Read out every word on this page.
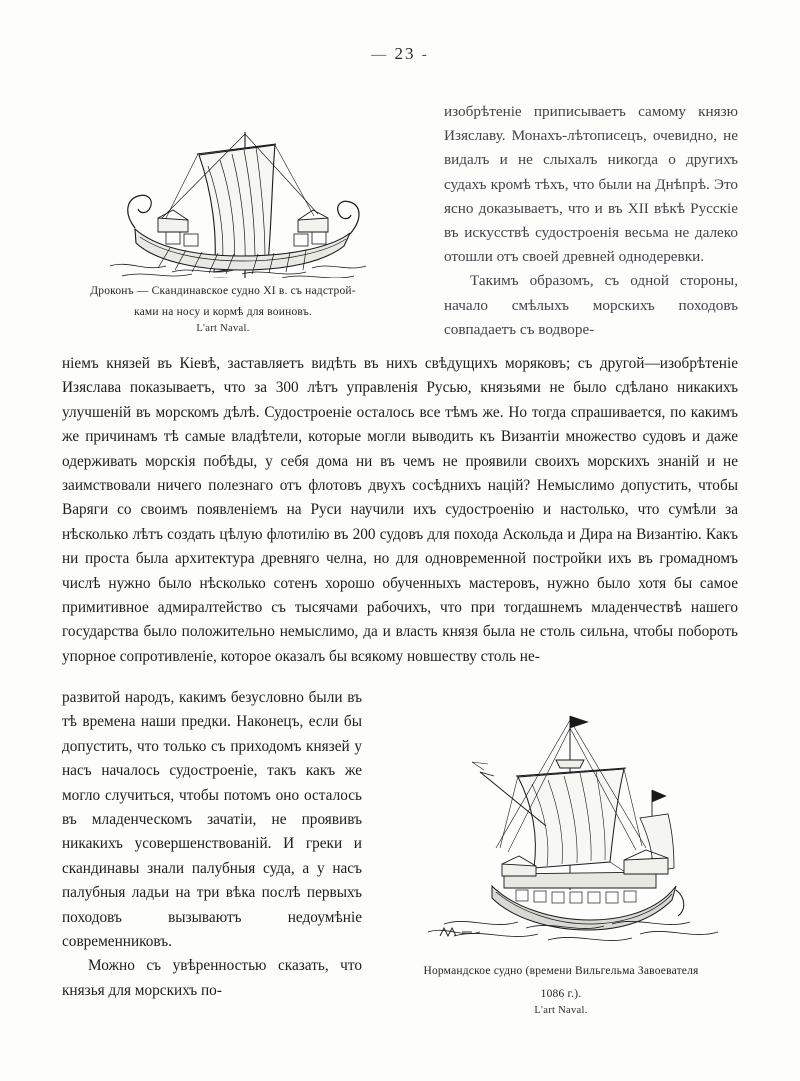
— 23 -
Дроконъ — Скандинавское судно XI в. съ надстрой-
ками на носу и кормѣ для воиновъ.
L'art Naval.

изобрѣтеніе приписываетъ самому князю Изяславу. Монахъ-лѣтописецъ, очевидно, не видалъ и не слыхалъ никогда о другихъ судахъ кромѣ тѣхъ, что были на Днѣпрѣ. Это ясно доказываетъ, что и въ XII вѣкѣ Русскіе въ искусствѣ судостроенія весьма не далеко отошли отъ своей древней однодеревки.

Такимъ образомъ, съ одной стороны, начало смѣлыхъ морскихъ походовъ совпадаетъ съ водворе-

ніемъ князей въ Кіевѣ, заставляетъ видѣть въ нихъ свѣдущихъ моряковъ; съ другой—изобрѣтеніе Изяслава показываетъ, что за 300 лѣтъ управленія Русью, князьями не было сдѣлано никакихъ улучшеній въ морскомъ дѣлѣ. Судостроеніе осталось все тѣмъ же. Но тогда спрашивается, по какимъ же причинамъ тѣ самые владѣтели, которые могли выводить къ Византіи множество судовъ и даже одерживать морскія побѣды, у себя дома ни въ чемъ не проявили своихъ морскихъ знаній и не заимствовали ничего полезнаго отъ флотовъ двухъ сосѣднихъ націй? Немыслимо допустить, чтобы Варяги со своимъ появленіемъ на Руси научили ихъ судостроенію и настолько, что сумѣли за нѣсколько лѣтъ создать цѣлую флотилію въ 200 судовъ для похода Аскольда и Дира на Византію. Какъ ни проста была архитектура древняго челна, но для одновременной постройки ихъ въ громадномъ числѣ нужно было нѣсколько сотенъ хорошо обученныхъ мастеровъ, нужно было хотя бы самое примитивное адмиралтейство съ тысячами рабочихъ, что при тогдашнемъ младенчествѣ нашего государства было положительно немыслимо, да и власть князя была не столь сильна, чтобы побороть упорное сопротивленіе, которое оказалъ бы всякому новшеству столь не-

развитой народъ, какимъ безусловно были въ тѣ времена наши предки. Наконецъ, если бы допустить, что только съ приходомъ князей у насъ началось судостроеніе, такъ какъ же могло случиться, чтобы потомъ оно осталось въ младенческомъ зачатіи, не проявивъ никакихъ усовершенствованій. И греки и скандинавы знали палубныя суда, а у насъ палубныя ладьи на три вѣка послѣ первыхъ походовъ вызываютъ недоумѣніе современниковъ.

Можно съ увѣренностью сказать, что князья для морскихъ по-

Нормандское судно (времени Вильгельма Завоевателя
1086 г.).
L'art Naval.
